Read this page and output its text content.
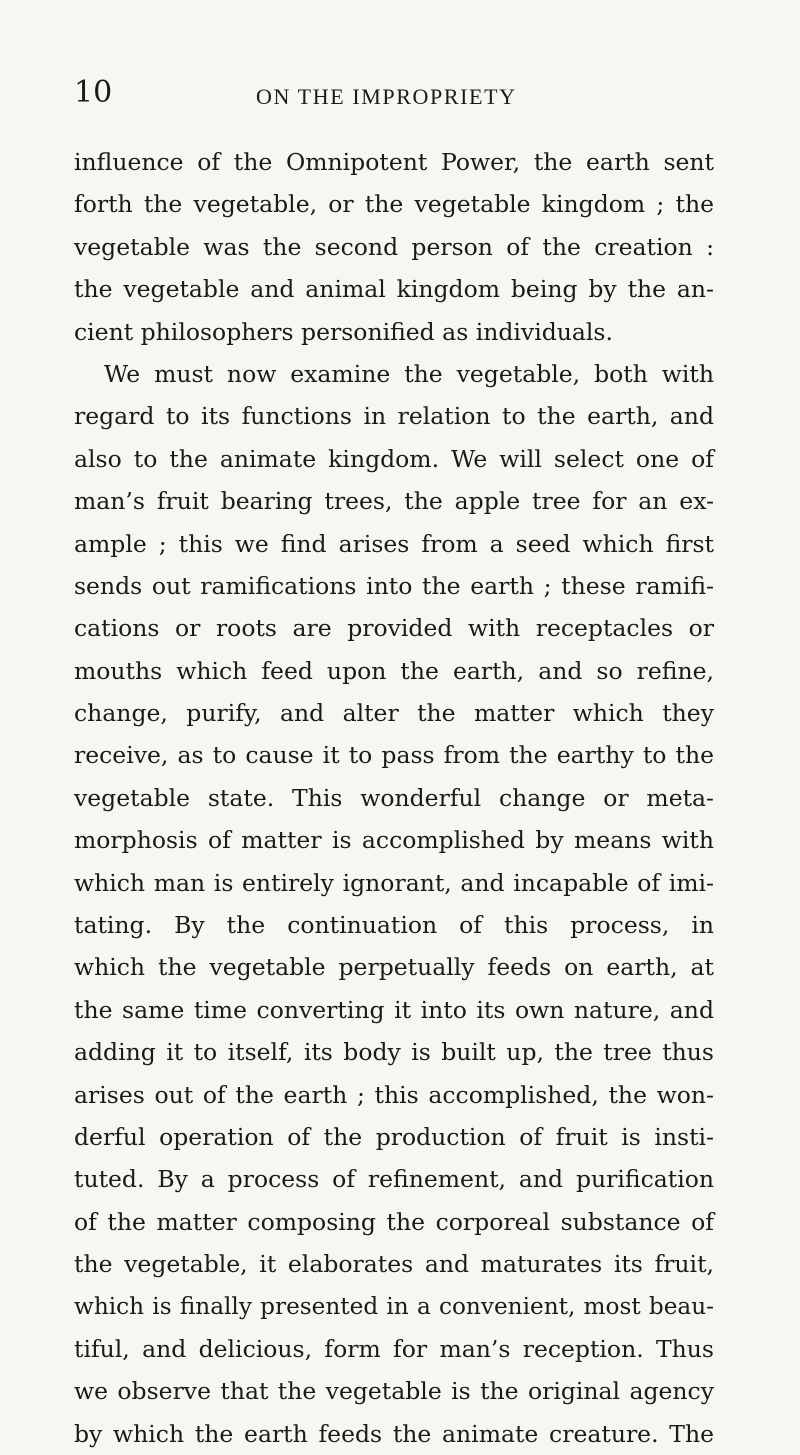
10	ON THE IMPROPRIETY
influence of the Omnipotent Power, the earth sent
forth the vegetable, or the vegetable kingdom ; the
vegetable was the second person of the creation :
the vegetable and animal kingdom being by the an-
cient philosophers personified as individuals.
We must now examine the vegetable, both with
regard to its functions in relation to the earth, and
also to the animate kingdom. We will select one of
man’s fruit bearing trees, the apple tree for an ex-
ample ; this we find arises from a seed which first
sends out ramifications into the earth ; these ramifi-
cations or roots are provided with receptacles or
mouths which feed upon the earth, and so refine,
change, purify, and alter the matter which they
receive, as to cause it to pass from the earthy to the
vegetable state. This wonderful change or meta-
morphosis of matter is accomplished by means with
which man is entirely ignorant, and incapable of imi-
tating. By the continuation of this process, in
which the vegetable perpetually feeds on earth, at
the same time converting it into its own nature, and
adding it to itself, its body is built up, the tree thus
arises out of the earth ; this accomplished, the won-
derful operation of the production of fruit is insti-
tuted. By a process of refinement, and purification
of the matter composing the corporeal substance of
the vegetable, it elaborates and maturates its fruit,
which is finally presented in a convenient, most beau-
tiful, and delicious, form for man’s reception. Thus
we observe that the vegetable is the original agency
by which the earth feeds the animate creature. The
